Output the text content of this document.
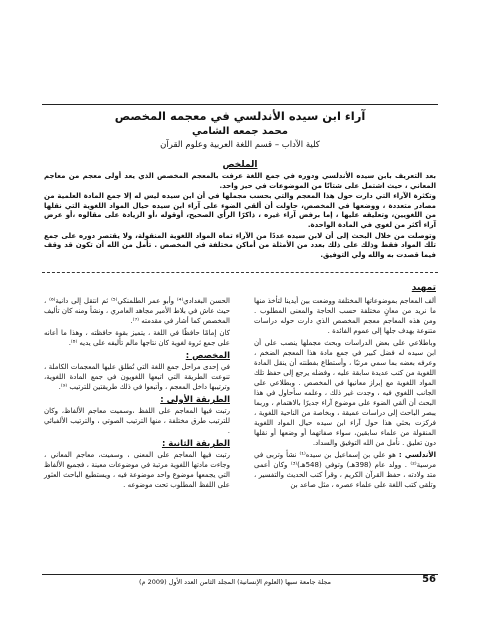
آراء ابن سيده الأندلسي في معجمه المخصص
محمد جمعه الشامي
كلية الآداب – قسم اللغة العربية وعلوم القرآن
الملخص

بعد التعريف بابن سيده الأندلسي ودوره في جمع اللغة عرفت بالمعجم المخصص الذي يعد أولى معجم من معاجم المعاني ، حيث اشتمل على شتاتًا من الموضوعات في حيز واحد.

وتكثرة الآراء التي دارت حول هذا المعجم والتي بحسب مجملها في أن ابن سيده ليس له إلا جمع المادة العلمية من مصادر متعددة ، ووضعها في المخصص، حاولت أن ألقي الضوء على آراء ابن سيده حيال المواد اللغوية التي نقلها من اللغويين، وتعليقه عليها ، إما برفض آراء غيره ، ذاكرًا الرأي الصحيح، أوقوله ،أو الزيادة على مقالوه ،أو عرض آراء أكثر من لغوي في المادة الواحدة.

وتوصلت من خلال البحث إلى أن لابن سيده عددًا من الآراء تماه المواد اللغوية المنقولة، ولا يقتصر دوره على جمع تلك المواد فقط وذلك على ذلك بعدد من الأمثلة من أماكن مختلفة في المخصص . تأمل من الله أن تكون قد وقف فيما قصدت به والله ولي التوفيق.

تمهيد

ألف المعاجم بموضوعاتها المختلفة ووضعت بين أيدينا لتأخذ منها ما نريد من معانٍ مختلفة حسب الحاجة والمعنى المطلوب . ومن هذه المعاجم معجم المخصص الذي دارت حوله دراسات متنوعة يهدف جلها إلى عموم الفائدة .

وباطلاعي على بعض الدراسات وبحث مجملها ينصب على أن ابن سيده له فضل كبير في جمع مادة هذا المعجم الضخم ، وعرفه بعضه بما سمي مرتبًا ، وأستطاع بفطنته أن ينقل المادة اللغوية من كتب عديدة سابقة عليه ، وفضله يرجع إلى حفظ تلك المواد اللغوية مع إبراز معانيها في المخصص . وبطلاعي على الجانب اللغوي فيه ، وجدت غير ذلك ، وعلمه سأحاول في هذا البحث أن ألقي الضوء على موضوع آراء جديرًا بالاهتمام ، وربما يبصر الباحث إلى دراسات عميقة ، وبخاصة من الناحية اللغوية ، فركزت بحثي هذا حول آراء ابن سيده حيال المواد اللغوية المنقولة من علماء سابقين، سواء صفاتهما أو وضعها أو نقلها دون تعليق . نأمل من الله التوفيق والسداد.

الأندلسي : هو علي بن إسماعيل بن سيده⁽¹⁾ نشأ وتربى في مرسية⁽²⁾ . وولد عام (398هـ) وتوفي (548هـ)⁽³⁾ وكان أعمى متد ولادته ، حفظ القرآن الكريم ، وقرأ كتب الحديث والتفسير ، وتلقى كتب اللغة على علماء عصره ، مثل صاعد بن

الحسن البغدادي⁽⁴⁾ وأبو عمر الطلمنكي⁽⁵⁾ ثم انتقل إلى دانية⁽⁶⁾ ، حيث عاش في بلاط الأمير مجاهد العامري ، ونشأ ومنه كان تأليف المخصص كما أشار في مقدمته ⁽⁷⁾.

كان إمامًا حافظًا في اللغة ، يتميز بقوة حافظته ، وهذا ما أعانه على جمع ثروة لغوية كان نتاجها مالم تأليفه على يديه ⁽⁸⁾.

المخصص :

في إحدى مراحل جمع اللغة التي تُطلق عليها المعجمات الكاملة ، تنوعت الطريقة التي اتبعها اللغويون في جمع المادة اللغوية، وترتيبها داخل المعجم ، وأتبعوا في ذلك طريقتين للترتيب ⁽⁹⁾.

الطريقة الأولى :

رتبت فيها المعاجم على اللفظ ،وسميت معاجم الألفاظ، وكان للترتيب طرق مختلفة ، منها الترتيب الصوتي ، والترتيب الألفبائي .

الطريقة الثانية :

رتبت فيها المعاجم على المعنى ، وسميت، معاجم المعاني ، وجاءت مادتها اللغوية مرتبة في موضوعات معينة ، فجميع الألفاظ التي يجمعها موضوع واحد موضوعة فيه ، ويستطيع الباحث العثور على اللفظ المطلوب تحت موضوعه .

مجلة جامعة سبها (العلوم الإنسانية) المجلد الثامن العدد الأول (2009 م)	56
